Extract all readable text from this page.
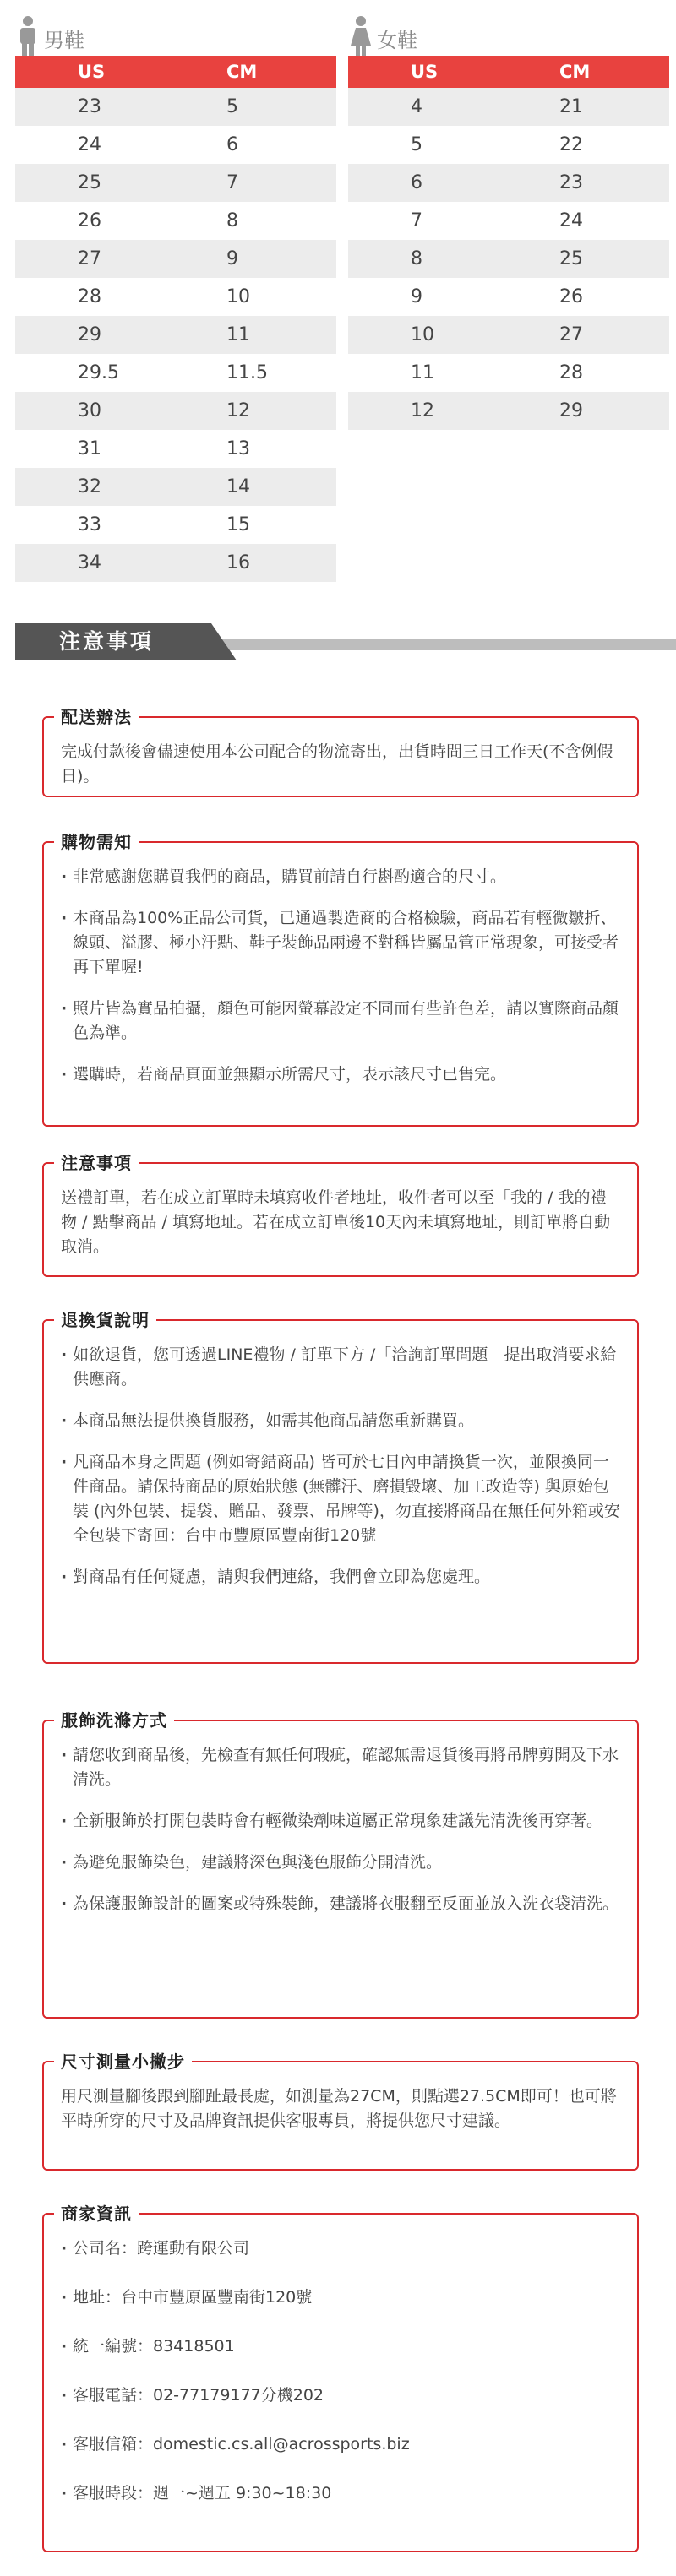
男鞋
US	CM
23	5
24	6
25	7
26	8
27	9
28	10
29	11
29.5	11.5
30	12
31	13
32	14
33	15
34	16
女鞋
US	CM
4	21
5	22
6	23
7	24
8	25
9	26
10	27
11	28
12	29

注意事項
配送辦法
完成付款後會儘速使用本公司配合的物流寄出，出貨時間三日工作天(不含例假日)。
購物需知
· 非常感謝您購買我們的商品，購買前請自行斟酌適合的尺寸。
· 本商品為100%正品公司貨，已通過製造商的合格檢驗，商品若有輕微皺折、線頭、溢膠、極小汙點、鞋子裝飾品兩邊不對稱皆屬品管正常現象，可接受者再下單喔!
· 照片皆為實品拍攝，顏色可能因螢幕設定不同而有些許色差，請以實際商品顏色為準。
· 選購時，若商品頁面並無顯示所需尺寸，表示該尺寸已售完。
注意事項
送禮訂單，若在成立訂單時未填寫收件者地址，收件者可以至「我的 / 我的禮物 / 點擊商品 / 填寫地址。若在成立訂單後10天內未填寫地址，則訂單將自動取消。
退換貨說明
· 如欲退貨，您可透過LINE禮物 / 訂單下方 /「洽詢訂單問題」提出取消要求給供應商。
· 本商品無法提供換貨服務，如需其他商品請您重新購買。
· 凡商品本身之問題 (例如寄錯商品) 皆可於七日內申請換貨一次，並限換同一件商品。請保持商品的原始狀態 (無髒汙、磨損毀壞、加工改造等) 與原始包裝 (內外包裝、提袋、贈品、發票、吊牌等)，勿直接將商品在無任何外箱或安全包裝下寄回：台中市豐原區豐南街120號
· 對商品有任何疑慮，請與我們連絡，我們會立即為您處理。
服飾洗滌方式
· 請您收到商品後，先檢查有無任何瑕疵，確認無需退貨後再將吊牌剪開及下水清洗。
· 全新服飾於打開包裝時會有輕微染劑味道屬正常現象建議先清洗後再穿著。
· 為避免服飾染色，建議將深色與淺色服飾分開清洗。
· 為保護服飾設計的圖案或特殊裝飾，建議將衣服翻至反面並放入洗衣袋清洗。
尺寸測量小撇步
用尺測量腳後跟到腳趾最長處，如測量為27CM，則點選27.5CM即可！也可將平時所穿的尺寸及品牌資訊提供客服專員，將提供您尺寸建議。
商家資訊
· 公司名：跨運動有限公司
· 地址：台中市豐原區豐南街120號
· 統一編號：83418501
· 客服電話：02-77179177分機202
· 客服信箱：domestic.cs.all@acrossports.biz
· 客服時段：週一~週五 9:30~18:30
